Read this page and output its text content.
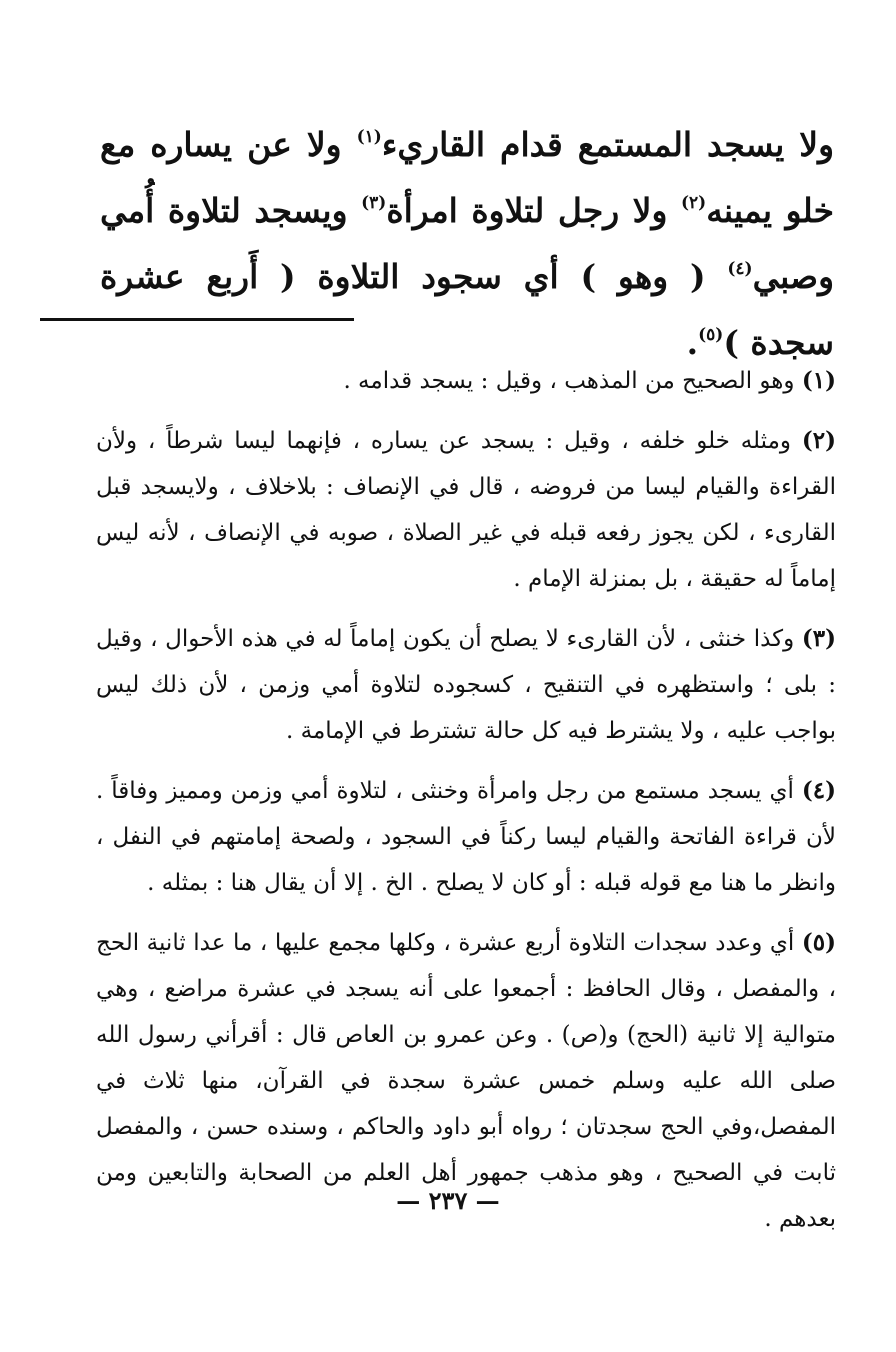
ولا يسجد المستمع قدام القاريء$^{(١)}$ ولا عن يساره مع خلو يمينه$^{(٢)}$ ولا رجل لتلاوة امرأة$^{(٣)}$ ويسجد لتلاوة أُمي وصبي$^{(٤)}$ ( وهو ) أي سجود التلاوة ( أَربع عشرة سجدة )$^{(٥)}$.

(١) وهو الصحيح من المذهب ، وقيل : يسجد قدامه .

(٢) ومثله خلو خلفه ، وقيل : يسجد عن يساره ، فإنهما ليسا شرطاً ، ولأن القراءة والقيام ليسا من فروضه ، قال في الإنصاف : بلاخلاف ، ولايسجد قبل القارىء ، لكن يجوز رفعه قبله في غير الصلاة ، صوبه في الإنصاف ، لأنه ليس إماماً له حقيقة ، بل بمنزلة الإمام .

(٣) وكذا خنثى ، لأن القارىء لا يصلح أن يكون إماماً له في هذه الأحوال ، وقيل : بلى ؛ واستظهره في التنقيح ، كسجوده لتلاوة أمي وزمن ، لأن ذلك ليس بواجب عليه ، ولا يشترط فيه كل حالة تشترط في الإمامة .

(٤) أي يسجد مستمع من رجل وامرأة وخنثى ، لتلاوة أمي وزمن ومميز وفاقاً . لأن قراءة الفاتحة والقيام ليسا ركناً في السجود ، ولصحة إمامتهم في النفل ، وانظر ما هنا مع قوله قبله : أو كان لا يصلح . الخ . إلا أن يقال هنا : بمثله .

(٥) أي وعدد سجدات التلاوة أربع عشرة ، وكلها مجمع عليها ، ما عدا ثانية الحج ، والمفصل ، وقال الحافظ : أجمعوا على أنه يسجد في عشرة مراضع ، وهي متوالية إلا ثانية (الحج) و(ص) . وعن عمرو بن العاص قال : أقرأني رسول الله صلى الله عليه وسلم خمس عشرة سجدة في القرآن، منها ثلاث في المفصل،وفي الحج سجدتان ؛ رواه أبو داود والحاكم ، وسنده حسن ، والمفصل ثابت في الصحيح ، وهو مذهب جمهور أهل العلم من الصحابة والتابعين ومن بعدهم .

— ٢٣٧ —
